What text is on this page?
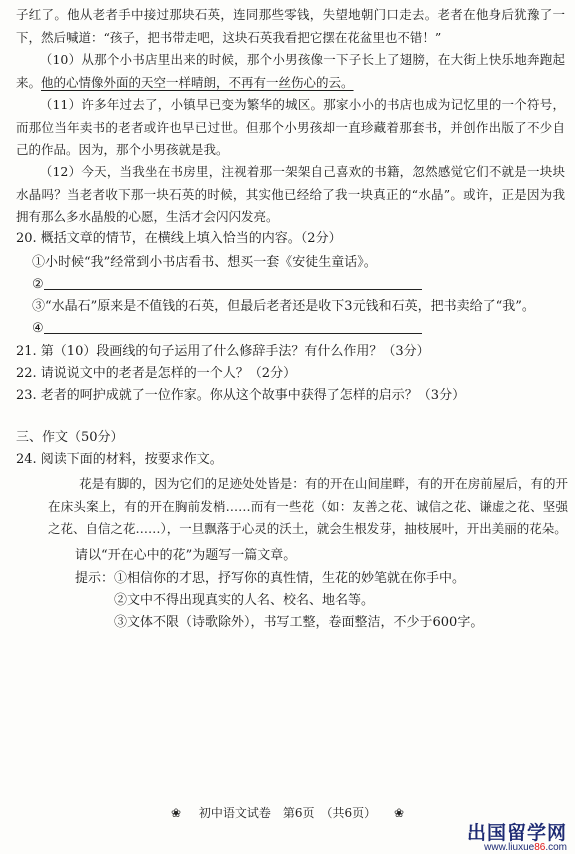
子红了。他从老者手中接过那块石英，连同那些零钱，失望地朝门口走去。老者在他身后犹豫了一下，然后喊道：“孩子，把书带走吧，这块石英我看把它摆在花盆里也不错！”

（10）从那个小书店里出来的时候，那个小男孩像一下子长上了翅膀，在大街上快乐地奔跑起来。他的心情像外面的天空一样晴朗，不再有一丝伤心的云。

（11）许多年过去了，小镇早已变为繁华的城区。那家小小的书店也成为记忆里的一个符号，而那位当年卖书的老者或许也早已过世。但那个小男孩却一直珍藏着那套书，并创作出版了不少自己的作品。因为，那个小男孩就是我。

（12）今天，当我坐在书房里，注视着那一架架自己喜欢的书籍，忽然感觉它们不就是一块块水晶吗？当老者收下那一块石英的时候，其实他已经给了我一块真正的“水晶”。或许，正是因为我拥有那么多水晶般的心愿，生活才会闪闪发亮。

20. 概括文章的情节，在横线上填入恰当的内容。（2分）

①小时候“我”经常到小书店看书、想买一套《安徒生童话》。

②

③“水晶石”原来是不值钱的石英，但最后老者还是收下3元钱和石英，把书卖给了“我”。

④

21. 第（10）段画线的句子运用了什么修辞手法？有什么作用？（3分）

22. 请说说文中的老者是怎样的一个人？（2分）

23. 老者的呵护成就了一位作家。你从这个故事中获得了怎样的启示？（3分）

三、作文（50分）

24. 阅读下面的材料，按要求作文。

花是有脚的，因为它们的足迹处处皆是：有的开在山间崖畔，有的开在房前屋后，有的开在床头案上，有的开在胸前发梢……而有一些花（如：友善之花、诚信之花、谦虚之花、坚强之花、自信之花……），一旦飘落于心灵的沃土，就会生根发芽，抽枝展叶，开出美丽的花朵。

请以“开在心中的花”为题写一篇文章。

提示：①相信你的才思，抒写你的真性情，生花的妙笔就在你手中。

②文中不得出现真实的人名、校名、地名等。

③文体不限（诗歌除外），书写工整，卷面整洁，不少于600字。

❀ 初中语文试卷　第6页　（共6页） ❀
出国留学网
www.liuxue86.com
